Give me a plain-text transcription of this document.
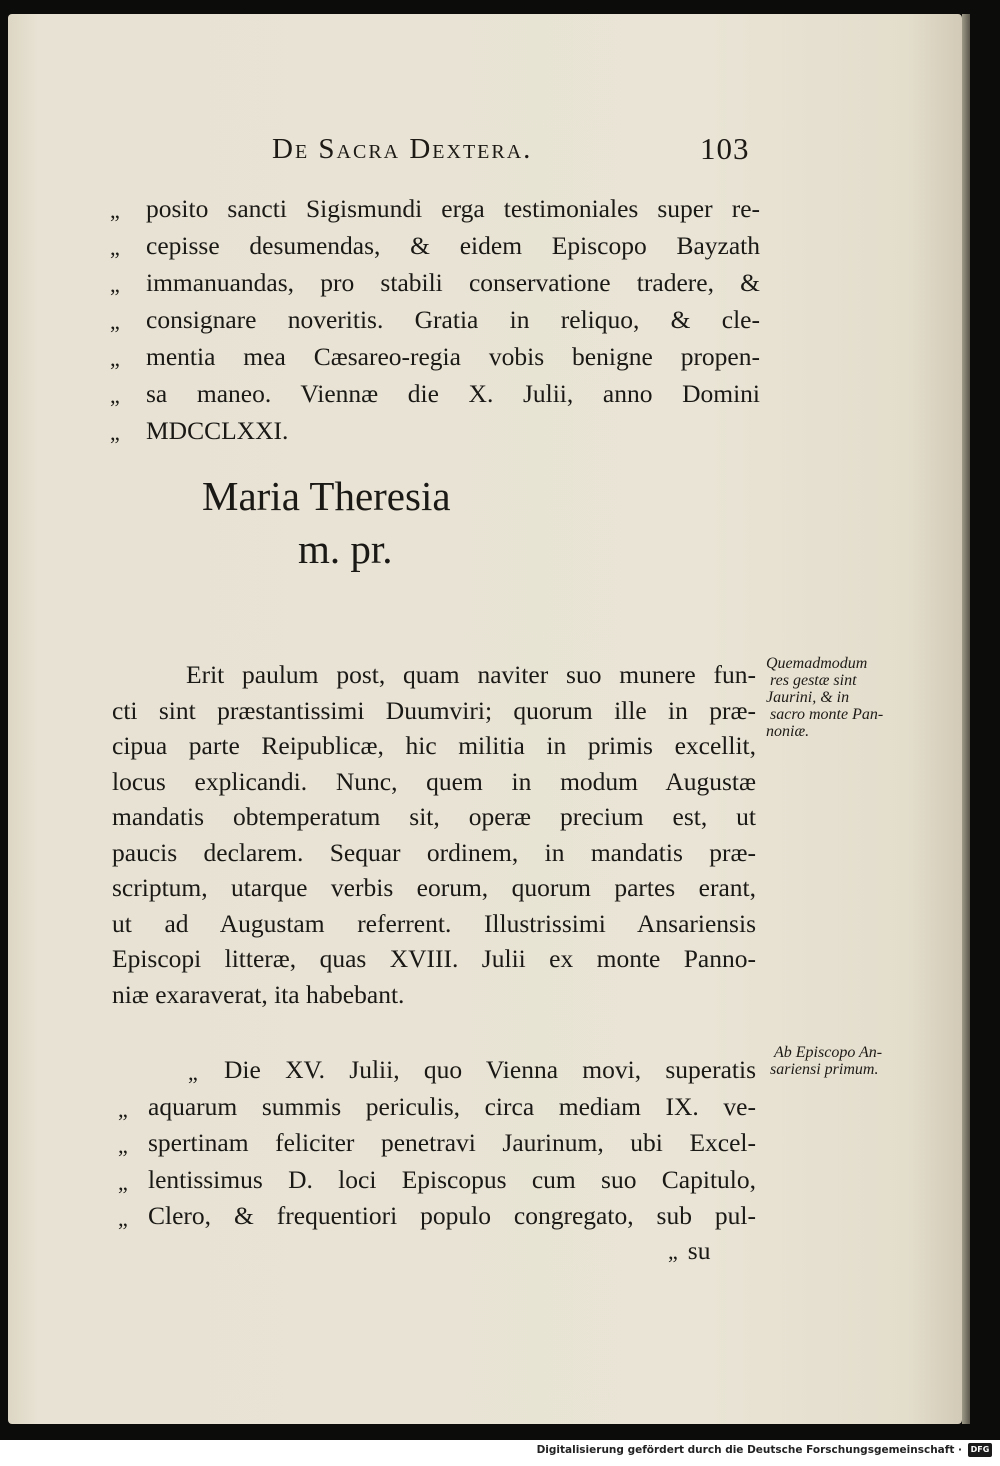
De Sacra Dextera.	103
„ posito sancti Sigismundi erga testimoniales super re-
„ cepisse desumendas, & eidem Episcopo Bayzath
„ immanuandas, pro stabili conservatione tradere, &
„ consignare noveritis. Gratia in reliquo, & cle-
„ mentia mea Cæsareo-regia vobis benigne propen-
„ sa maneo. Viennæ die X. Julii, anno Domini
„ MDCCLXXI.
Maria Theresia
m. pr.
Erit paulum post, quam naviter suo munere fun-
cti sint præstantissimi Duumviri; quorum ille in præ-
cipua parte Reipublicæ, hic militia in primis excellit,
locus explicandi. Nunc, quem in modum Augustæ
mandatis obtemperatum sit, operæ precium est, ut
paucis declarem. Sequar ordinem, in mandatis præ-
scriptum, utarque verbis eorum, quorum partes erant,
ut ad Augustam referrent. Illustrissimi Ansariensis
Episcopi litteræ, quas XVIII. Julii ex monte Panno-
niæ exaraverat, ita habebant.
„ Die XV. Julii, quo Vienna movi, superatis
„ aquarum summis periculis, circa mediam IX. ve-
„ spertinam feliciter penetravi Jaurinum, ubi Excel-
„ lentissimus D. loci Episcopus cum suo Capitulo,
„ Clero, & frequentiori populo congregato, sub pul-
„ su
Quemadmodum
res gestæ sint
Jaurini, & in
sacro monte Pan-
noniæ.
Ab Episcopo An-
sariensi primum.
Digitalisierung gefördert durch die Deutsche Forschungsgemeinschaft ·	DFG
